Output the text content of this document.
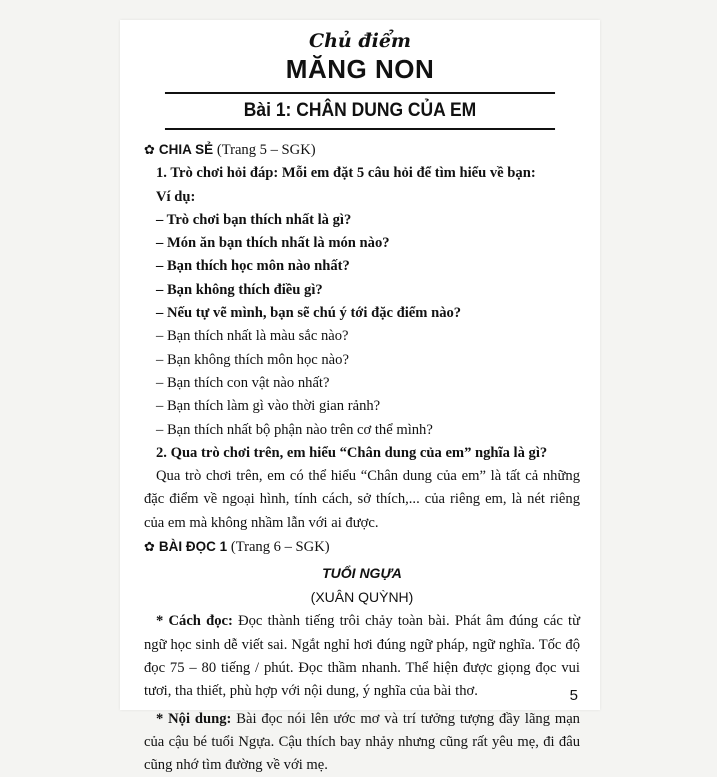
Chủ điểm
MĂNG NON
Bài 1: CHÂN DUNG CỦA EM
✿ CHIA SẺ (Trang 5 – SGK)
1. Trò chơi hỏi đáp: Mỗi em đặt 5 câu hỏi để tìm hiểu về bạn:
Ví dụ:
– Trò chơi bạn thích nhất là gì?
– Món ăn bạn thích nhất là món nào?
– Bạn thích học môn nào nhất?
– Bạn không thích điều gì?
– Nếu tự vẽ mình, bạn sẽ chú ý tới đặc điểm nào?
– Bạn thích nhất là màu sắc nào?
– Bạn không thích môn học nào?
– Bạn thích con vật nào nhất?
– Bạn thích làm gì vào thời gian rảnh?
– Bạn thích nhất bộ phận nào trên cơ thể mình?
2. Qua trò chơi trên, em hiểu “Chân dung của em” nghĩa là gì?
Qua trò chơi trên, em có thể hiểu “Chân dung của em” là tất cả những đặc điểm về ngoại hình, tính cách, sở thích,... của riêng em, là nét riêng của em mà không nhầm lẫn với ai được.
✿ BÀI ĐỌC 1 (Trang 6 – SGK)
TUỔI NGỰA
(XUÂN QUỲNH)
* Cách đọc: Đọc thành tiếng trôi chảy toàn bài. Phát âm đúng các từ ngữ học sinh dễ viết sai. Ngắt nghỉ hơi đúng ngữ pháp, ngữ nghĩa. Tốc độ đọc 75 – 80 tiếng / phút. Đọc thầm nhanh. Thể hiện được giọng đọc vui tươi, tha thiết, phù hợp với nội dung, ý nghĩa của bài thơ.
* Nội dung: Bài đọc nói lên ước mơ và trí tưởng tượng đầy lãng mạn của cậu bé tuổi Ngựa. Cậu thích bay nhảy nhưng cũng rất yêu mẹ, đi đâu cũng nhớ tìm đường về với mẹ.
5
